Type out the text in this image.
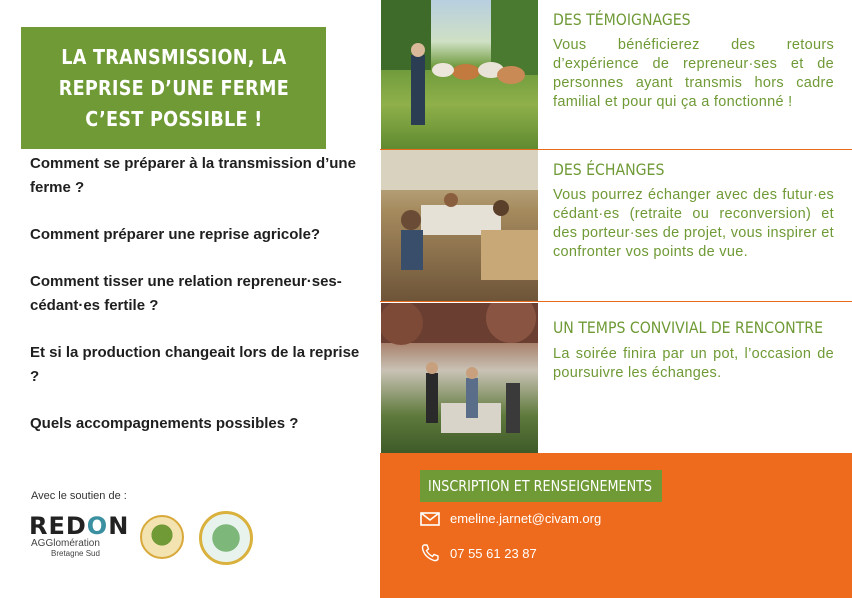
LA TRANSMISSION, LA
REPRISE D’UNE FERME
C’EST POSSIBLE !
Comment se préparer à la transmission d’une ferme ?
Comment préparer une reprise agricole?
Comment tisser une relation repreneur·ses-cédant·es fertile ?
Et si la production changeait lors de la reprise ?
Quels accompagnements possibles ?
Avec le soutien de :
REDON
AGGlomération
Bretagne Sud
DES TÉMOIGNAGES
Vous bénéficierez des retours d’expérience de repreneur·ses et de personnes ayant transmis hors cadre familial et pour qui ça a fonctionné !
DES ÉCHANGES
Vous pourrez échanger avec des futur·es cédant·es (retraite ou reconversion) et des porteur·ses de projet, vous inspirer et confronter vos points de vue.
UN TEMPS CONVIVIAL DE RENCONTRE
La soirée finira par un pot, l’occasion de poursuivre les échanges.
INSCRIPTION ET RENSEIGNEMENTS
emeline.jarnet@civam.org
07 55 61 23 87
